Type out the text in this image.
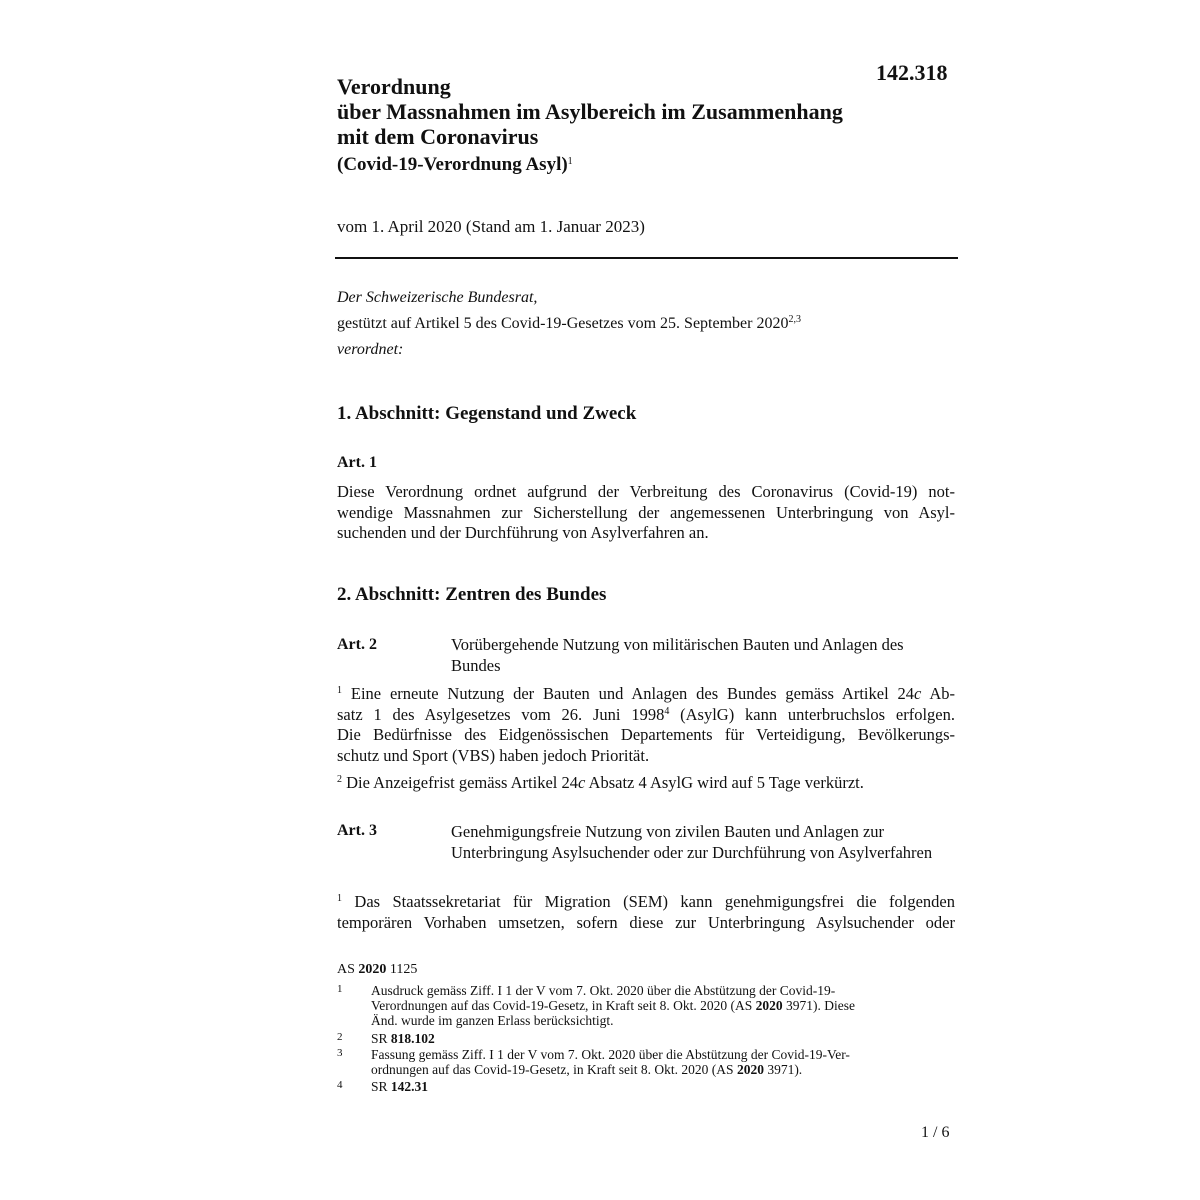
142.318
Verordnung
über Massnahmen im Asylbereich im Zusammenhang
mit dem Coronavirus
(Covid-19-Verordnung Asyl)$^1$
vom 1. April 2020 (Stand am 1. Januar 2023)
Der Schweizerische Bundesrat,
gestützt auf Artikel 5 des Covid-19-Gesetzes vom 25. September 2020$^{2,3}$
verordnet:
1. Abschnitt: Gegenstand und Zweck
Art. 1
Diese Verordnung ordnet aufgrund der Verbreitung des Coronavirus (Covid-19) not-
wendige Massnahmen zur Sicherstellung der angemessenen Unterbringung von Asyl-
suchenden und der Durchführung von Asylverfahren an.
2. Abschnitt: Zentren des Bundes
Art. 2	Vorübergehende Nutzung von militärischen Bauten und Anlagen des Bundes
$^1$ Eine erneute Nutzung der Bauten und Anlagen des Bundes gemäss Artikel 24c Ab-
satz 1 des Asylgesetzes vom 26. Juni 1998$^4$ (AsylG) kann unterbruchslos erfolgen.
Die Bedürfnisse des Eidgenössischen Departements für Verteidigung, Bevölkerungs-
schutz und Sport (VBS) haben jedoch Priorität.
$^2$ Die Anzeigefrist gemäss Artikel 24c Absatz 4 AsylG wird auf 5 Tage verkürzt.
Art. 3	Genehmigungsfreie Nutzung von zivilen Bauten und Anlagen zur Unterbringung Asylsuchender oder zur Durchführung von Asylverfahren
$^1$ Das Staatssekretariat für Migration (SEM) kann genehmigungsfrei die folgenden
temporären Vorhaben umsetzen, sofern diese zur Unterbringung Asylsuchender oder
AS 2020 1125
1 Ausdruck gemäss Ziff. I 1 der V vom 7. Okt. 2020 über die Abstützung der Covid-19-
Verordnungen auf das Covid-19-Gesetz, in Kraft seit 8. Okt. 2020 (AS 2020 3971). Diese
Änd. wurde im ganzen Erlass berücksichtigt.
2 SR 818.102
3 Fassung gemäss Ziff. I 1 der V vom 7. Okt. 2020 über die Abstützung der Covid-19-Ver-
ordnungen auf das Covid-19-Gesetz, in Kraft seit 8. Okt. 2020 (AS 2020 3971).
4 SR 142.31
1 / 6
